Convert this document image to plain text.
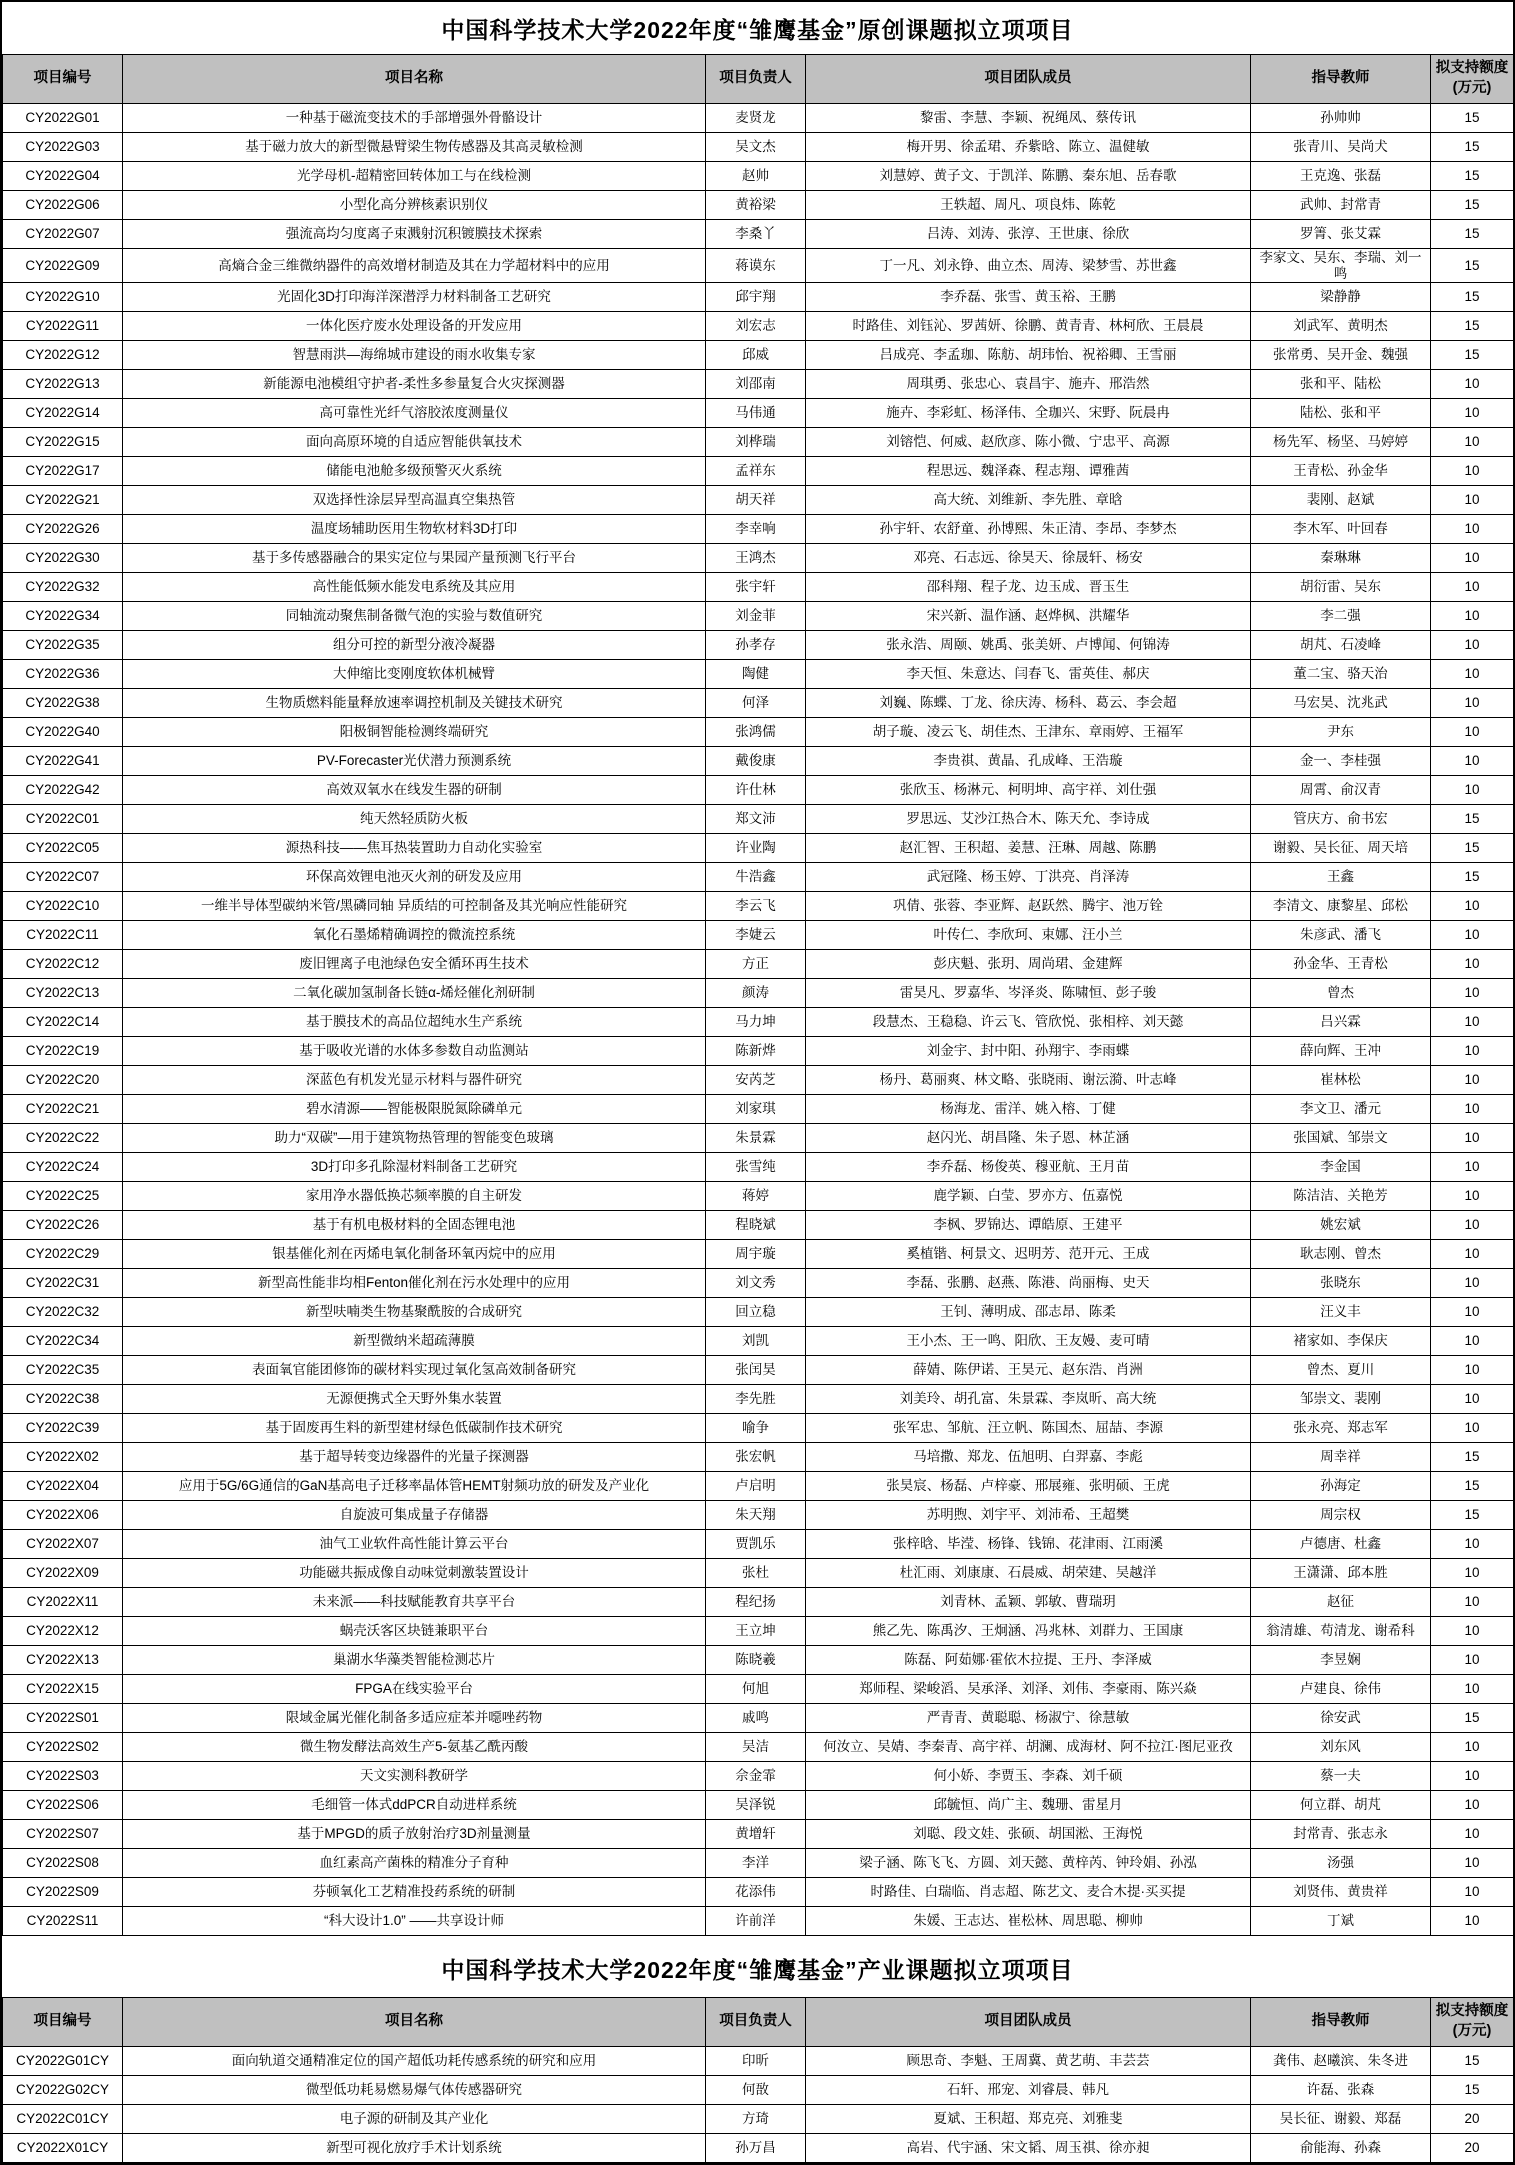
中国科学技术大学2022年度“雏鹰基金”原创课题拟立项项目
项目编号	项目名称	项目负责人	项目团队成员	指导教师	拟支持额度(万元)
CY2022G01	一种基于磁流变技术的手部增强外骨骼设计	麦贤龙	黎雷、李慧、李颖、祝绳凤、蔡传讯	孙帅帅	15
CY2022G03	基于磁力放大的新型微悬臂梁生物传感器及其高灵敏检测	吴文杰	梅开男、徐孟珺、乔紫晗、陈立、温健敏	张青川、吴尚犬	15
CY2022G04	光学母机-超精密回转体加工与在线检测	赵帅	刘慧婷、黄子文、于凯洋、陈鹏、秦东旭、岳春歌	王克逸、张磊	15
CY2022G06	小型化高分辨核素识别仪	黄裕梁	王轶超、周凡、项良炜、陈乾	武帅、封常青	15
CY2022G07	强流高均匀度离子束溅射沉积镀膜技术探索	李桑丫	吕涛、刘涛、张淳、王世康、徐欣	罗箐、张艾霖	15
CY2022G09	高熵合金三维微纳器件的高效增材制造及其在力学超材料中的应用	蒋谟东	丁一凡、刘永铮、曲立杰、周涛、梁梦雪、苏世鑫	李家文、吴东、李瑞、刘一鸣	15
CY2022G10	光固化3D打印海洋深潜浮力材料制备工艺研究	邱宇翔	李乔磊、张雪、黄玉裕、王鹏	梁静静	15
CY2022G11	一体化医疗废水处理设备的开发应用	刘宏志	时路佳、刘钰沁、罗茜妍、徐鹏、黄青青、林柯欣、王晨晨	刘武军、黄明杰	15
CY2022G12	智慧雨洪—海绵城市建设的雨水收集专家	邱威	吕成亮、李孟珈、陈舫、胡玮怡、祝裕卿、王雪丽	张常勇、吴开金、魏强	15
CY2022G13	新能源电池模组守护者-柔性多参量复合火灾探测器	刘邵南	周琪勇、张忠心、袁昌宇、施卉、邢浩然	张和平、陆松	10
CY2022G14	高可靠性光纤气溶胶浓度测量仪	马伟通	施卉、李彩虹、杨泽伟、全珈兴、宋野、阮晨冉	陆松、张和平	10
CY2022G15	面向高原环境的自适应智能供氧技术	刘桦瑞	刘镕恺、何威、赵欣彦、陈小微、宁忠平、高源	杨先军、杨坚、马婷婷	10
CY2022G17	储能电池舱多级预警灭火系统	孟祥东	程思远、魏泽森、程志翔、谭雅茜	王青松、孙金华	10
CY2022G21	双选择性涂层异型高温真空集热管	胡天祥	高大统、刘维新、李先胜、章晗	裴刚、赵斌	10
CY2022G26	温度场辅助医用生物软材料3D打印	李幸响	孙宇轩、农舒童、孙博熙、朱正清、李昂、李梦杰	李木军、叶回春	10
CY2022G30	基于多传感器融合的果实定位与果园产量预测飞行平台	王鸿杰	邓亮、石志远、徐昊天、徐晟轩、杨安	秦琳琳	10
CY2022G32	高性能低频水能发电系统及其应用	张宇轩	邵科翔、程子龙、边玉成、晋玉生	胡衍雷、吴东	10
CY2022G34	同轴流动聚焦制备微气泡的实验与数值研究	刘金菲	宋兴新、温作涵、赵烨枫、洪耀华	李二强	10
CY2022G35	组分可控的新型分液冷凝器	孙孝存	张永浩、周颐、姚禹、张美妍、卢博闻、何锦涛	胡芃、石凌峰	10
CY2022G36	大伸缩比变刚度软体机械臂	陶健	李天恒、朱意达、闫春飞、雷英佳、郝庆	董二宝、骆天治	10
CY2022G38	生物质燃料能量释放速率调控机制及关键技术研究	何泽	刘巍、陈蝶、丁龙、徐庆涛、杨科、葛云、李会超	马宏昊、沈兆武	10
CY2022G40	阳极铜智能检测终端研究	张鸿儒	胡子璇、凌云飞、胡佳杰、王津东、章雨婷、王福军	尹东	10
CY2022G41	PV-Forecaster光伏潜力预测系统	戴俊康	李贵祺、黄晶、孔成峰、王浩璇	金一、李桂强	10
CY2022G42	高效双氧水在线发生器的研制	许仕林	张欣玉、杨淋元、柯明坤、高宇祥、刘仕强	周霄、俞汉青	10
CY2022C01	纯天然轻质防火板	郑文沛	罗思远、艾沙江热合木、陈天允、李诗成	管庆方、俞书宏	15
CY2022C05	源热科技——焦耳热装置助力自动化实验室	许业陶	赵汇智、王积超、姜慧、汪琳、周越、陈鹏	谢毅、吴长征、周天培	15
CY2022C07	环保高效锂电池灭火剂的研发及应用	牛浩鑫	武冠隆、杨玉婷、丁洪亮、肖泽涛	王鑫	15
CY2022C10	一维半导体型碳纳米管/黑磷同轴 异质结的可控制备及其光响应性能研究	李云飞	巩倩、张蓉、李亚辉、赵跃然、腾宇、池万铨	李清文、康黎星、邱松	10
CY2022C11	氧化石墨烯精确调控的微流控系统	李婕云	叶传仁、李欣珂、束娜、汪小兰	朱彦武、潘飞	10
CY2022C12	废旧锂离子电池绿色安全循环再生技术	方正	彭庆魁、张玥、周尚珺、金建辉	孙金华、王青松	10
CY2022C13	二氧化碳加氢制备长链α-烯烃催化剂研制	颜涛	雷昊凡、罗嘉华、岑泽炎、陈啸恒、彭子骏	曾杰	10
CY2022C14	基于膜技术的高品位超纯水生产系统	马力坤	段慧杰、王稳稳、许云飞、管欣悦、张相梓、刘天懿	吕兴霖	10
CY2022C19	基于吸收光谱的水体多参数自动监测站	陈新烨	刘金宇、封中阳、孙翔宇、李雨蝶	薛向辉、王冲	10
CY2022C20	深蓝色有机发光显示材料与器件研究	安芮芝	杨丹、葛丽爽、林文略、张晓雨、谢沄漪、叶志峰	崔林松	10
CY2022C21	碧水清源——智能极限脱氮除磷单元	刘家琪	杨海龙、雷洋、姚入榕、丁健	李文卫、潘元	10
CY2022C22	助力“双碳”—用于建筑物热管理的智能变色玻璃	朱景霖	赵闪光、胡昌隆、朱子恩、林芷涵	张国斌、邹崇文	10
CY2022C24	3D打印多孔除湿材料制备工艺研究	张雪纯	李乔磊、杨俊英、穆亚航、王月苗	李金国	10
CY2022C25	家用净水器低换芯频率膜的自主研发	蒋婷	鹿学颖、白莹、罗亦方、伍嘉悦	陈洁洁、关艳芳	10
CY2022C26	基于有机电极材料的全固态锂电池	程晓斌	李枫、罗锦达、谭皓原、王建平	姚宏斌	10
CY2022C29	银基催化剂在丙烯电氧化制备环氧丙烷中的应用	周宇璇	奚植锴、柯景文、迟明芳、范开元、王成	耿志刚、曾杰	10
CY2022C31	新型高性能非均相Fenton催化剂在污水处理中的应用	刘文秀	李磊、张鹏、赵燕、陈港、尚丽梅、史天	张晓东	10
CY2022C32	新型呋喃类生物基聚酰胺的合成研究	回立稳	王钊、薄明成、邵志昂、陈柔	汪义丰	10
CY2022C34	新型微纳米超疏薄膜	刘凯	王小杰、王一鸣、阳欣、王友嫚、麦可晴	褚家如、李保庆	10
CY2022C35	表面氧官能团修饰的碳材料实现过氧化氢高效制备研究	张闰昊	薛婧、陈伊诺、王昊元、赵东浩、肖洲	曾杰、夏川	10
CY2022C38	无源便携式全天野外集水装置	李先胜	刘美玲、胡孔富、朱景霖、李岚昕、高大统	邹崇文、裴刚	10
CY2022C39	基于固废再生料的新型建材绿色低碳制作技术研究	喻争	张军忠、邹航、汪立帆、陈国杰、屈喆、李源	张永亮、郑志军	10
CY2022X02	基于超导转变边缘器件的光量子探测器	张宏帆	马培撒、郑龙、伍旭明、白羿嘉、李彪	周幸祥	15
CY2022X04	应用于5G/6G通信的GaN基高电子迁移率晶体管HEMT射频功放的研发及产业化	卢启明	张昊宸、杨磊、卢梓豪、邢展雍、张明硕、王虎	孙海定	15
CY2022X06	自旋波可集成量子存储器	朱天翔	苏明煦、刘宇平、刘沛希、王超樊	周宗权	15
CY2022X07	油气工业软件高性能计算云平台	贾凯乐	张梓晗、毕滢、杨锋、钱锦、花津雨、江雨溪	卢德唐、杜鑫	10
CY2022X09	功能磁共振成像自动味觉刺激装置设计	张杜	杜汇雨、刘康康、石晨威、胡荣建、吴越洋	王潇潇、邱本胜	10
CY2022X11	未来派——科技赋能教育共享平台	程纪扬	刘青林、孟颖、郭敏、曹瑞玥	赵征	10
CY2022X12	蜗壳沃客区块链兼职平台	王立坤	熊乙先、陈禹汐、王炯涵、冯兆林、刘群力、王国康	翁清雄、苟清龙、谢希科	10
CY2022X13	巢湖水华藻类智能检测芯片	陈晓羲	陈磊、阿茹娜·霍依木拉提、王丹、李泽威	李昱娴	10
CY2022X15	FPGA在线实验平台	何旭	郑师程、梁峻滔、吴承泽、刘泽、刘伟、李豪雨、陈兴焱	卢建良、徐伟	10
CY2022S01	限域金属光催化制备多适应症苯并噁唑药物	戚鸣	严青青、黄聪聪、杨淑宁、徐慧敏	徐安武	15
CY2022S02	微生物发酵法高效生产5-氨基乙酰丙酸	吴洁	何汝立、吴婧、李秦青、高宇祥、胡澜、成海材、阿不拉江·图尼亚孜	刘东风	10
CY2022S03	天文实测科教研学	佘金霏	何小娇、李贾玉、李森、刘千硕	蔡一夫	10
CY2022S06	毛细管一体式ddPCR自动进样系统	吴泽锐	邱毓恒、尚广主、魏珊、雷星月	何立群、胡芃	10
CY2022S07	基于MPGD的质子放射治疗3D剂量测量	黄增轩	刘聪、段文娃、张硕、胡国淞、王海悦	封常青、张志永	10
CY2022S08	血红素高产菌株的精准分子育种	李洋	梁子涵、陈飞飞、方圆、刘天懿、黄梓芮、钟玲娟、孙泓	汤强	10
CY2022S09	芬顿氧化工艺精准投药系统的研制	花添伟	时路佳、白瑞临、肖志超、陈艺文、麦合木提·买买提	刘贤伟、黄贵祥	10
CY2022S11	“科大设计1.0” ——共享设计师	许前洋	朱媛、王志达、崔松林、周思聪、柳帅	丁斌	10
中国科学技术大学2022年度“雏鹰基金”产业课题拟立项项目
项目编号	项目名称	项目负责人	项目团队成员	指导教师	拟支持额度(万元)
CY2022G01CY	面向轨道交通精准定位的国产超低功耗传感系统的研究和应用	印昕	顾思奇、李魁、王周冀、黄艺萌、丰芸芸	龚伟、赵曦滨、朱冬进	15
CY2022G02CY	微型低功耗易燃易爆气体传感器研究	何敔	石轩、邢宠、刘睿晨、韩凡	许磊、张森	15
CY2022C01CY	电子源的研制及其产业化	方琦	夏斌、王积超、郑克亮、刘雅斐	吴长征、谢毅、郑磊	20
CY2022X01CY	新型可视化放疗手术计划系统	孙万昌	高岩、代宇涵、宋文韬、周玉祺、徐亦昶	俞能海、孙森	20
